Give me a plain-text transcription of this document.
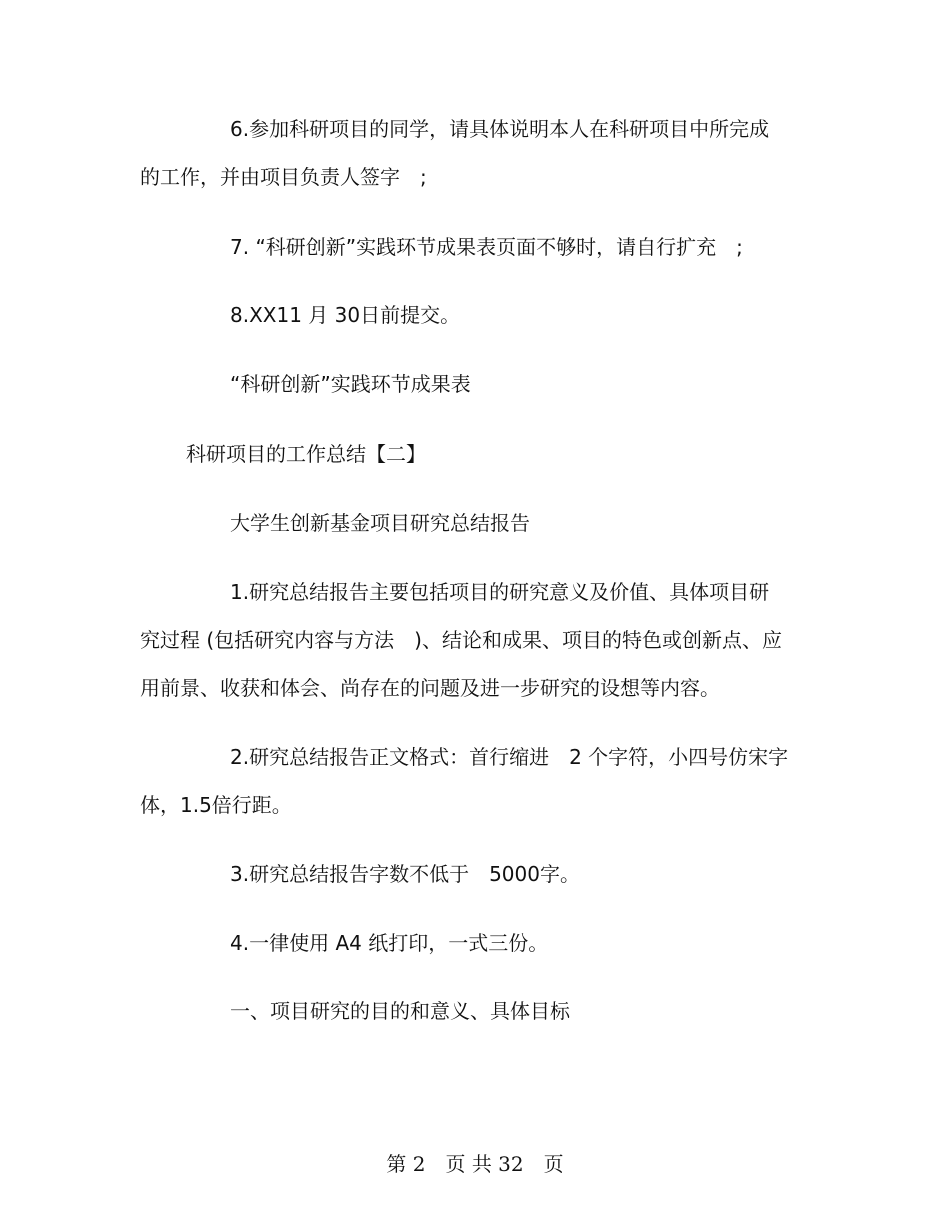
6.参加科研项目的同学，请具体说明本人在科研项目中所完成
的工作，并由项目负责人签字　;
7. “科研创新”实践环节成果表页面不够时，请自行扩充　;
8.XX11 月 30日前提交。
“科研创新”实践环节成果表
科研项目的工作总结【二】
大学生创新基金项目研究总结报告
1.研究总结报告主要包括项目的研究意义及价值、具体项目研
究过程 (包括研究内容与方法　)、结论和成果、项目的特色或创新点、应
用前景、收获和体会、尚存在的问题及进一步研究的设想等内容。
2.研究总结报告正文格式：首行缩进　2 个字符，小四号仿宋字
体，1.5倍行距。
3.研究总结报告字数不低于　5000字。
4.一律使用 A4 纸打印，一式三份。
一、项目研究的目的和意义、具体目标
第 2　页 共 32　页
